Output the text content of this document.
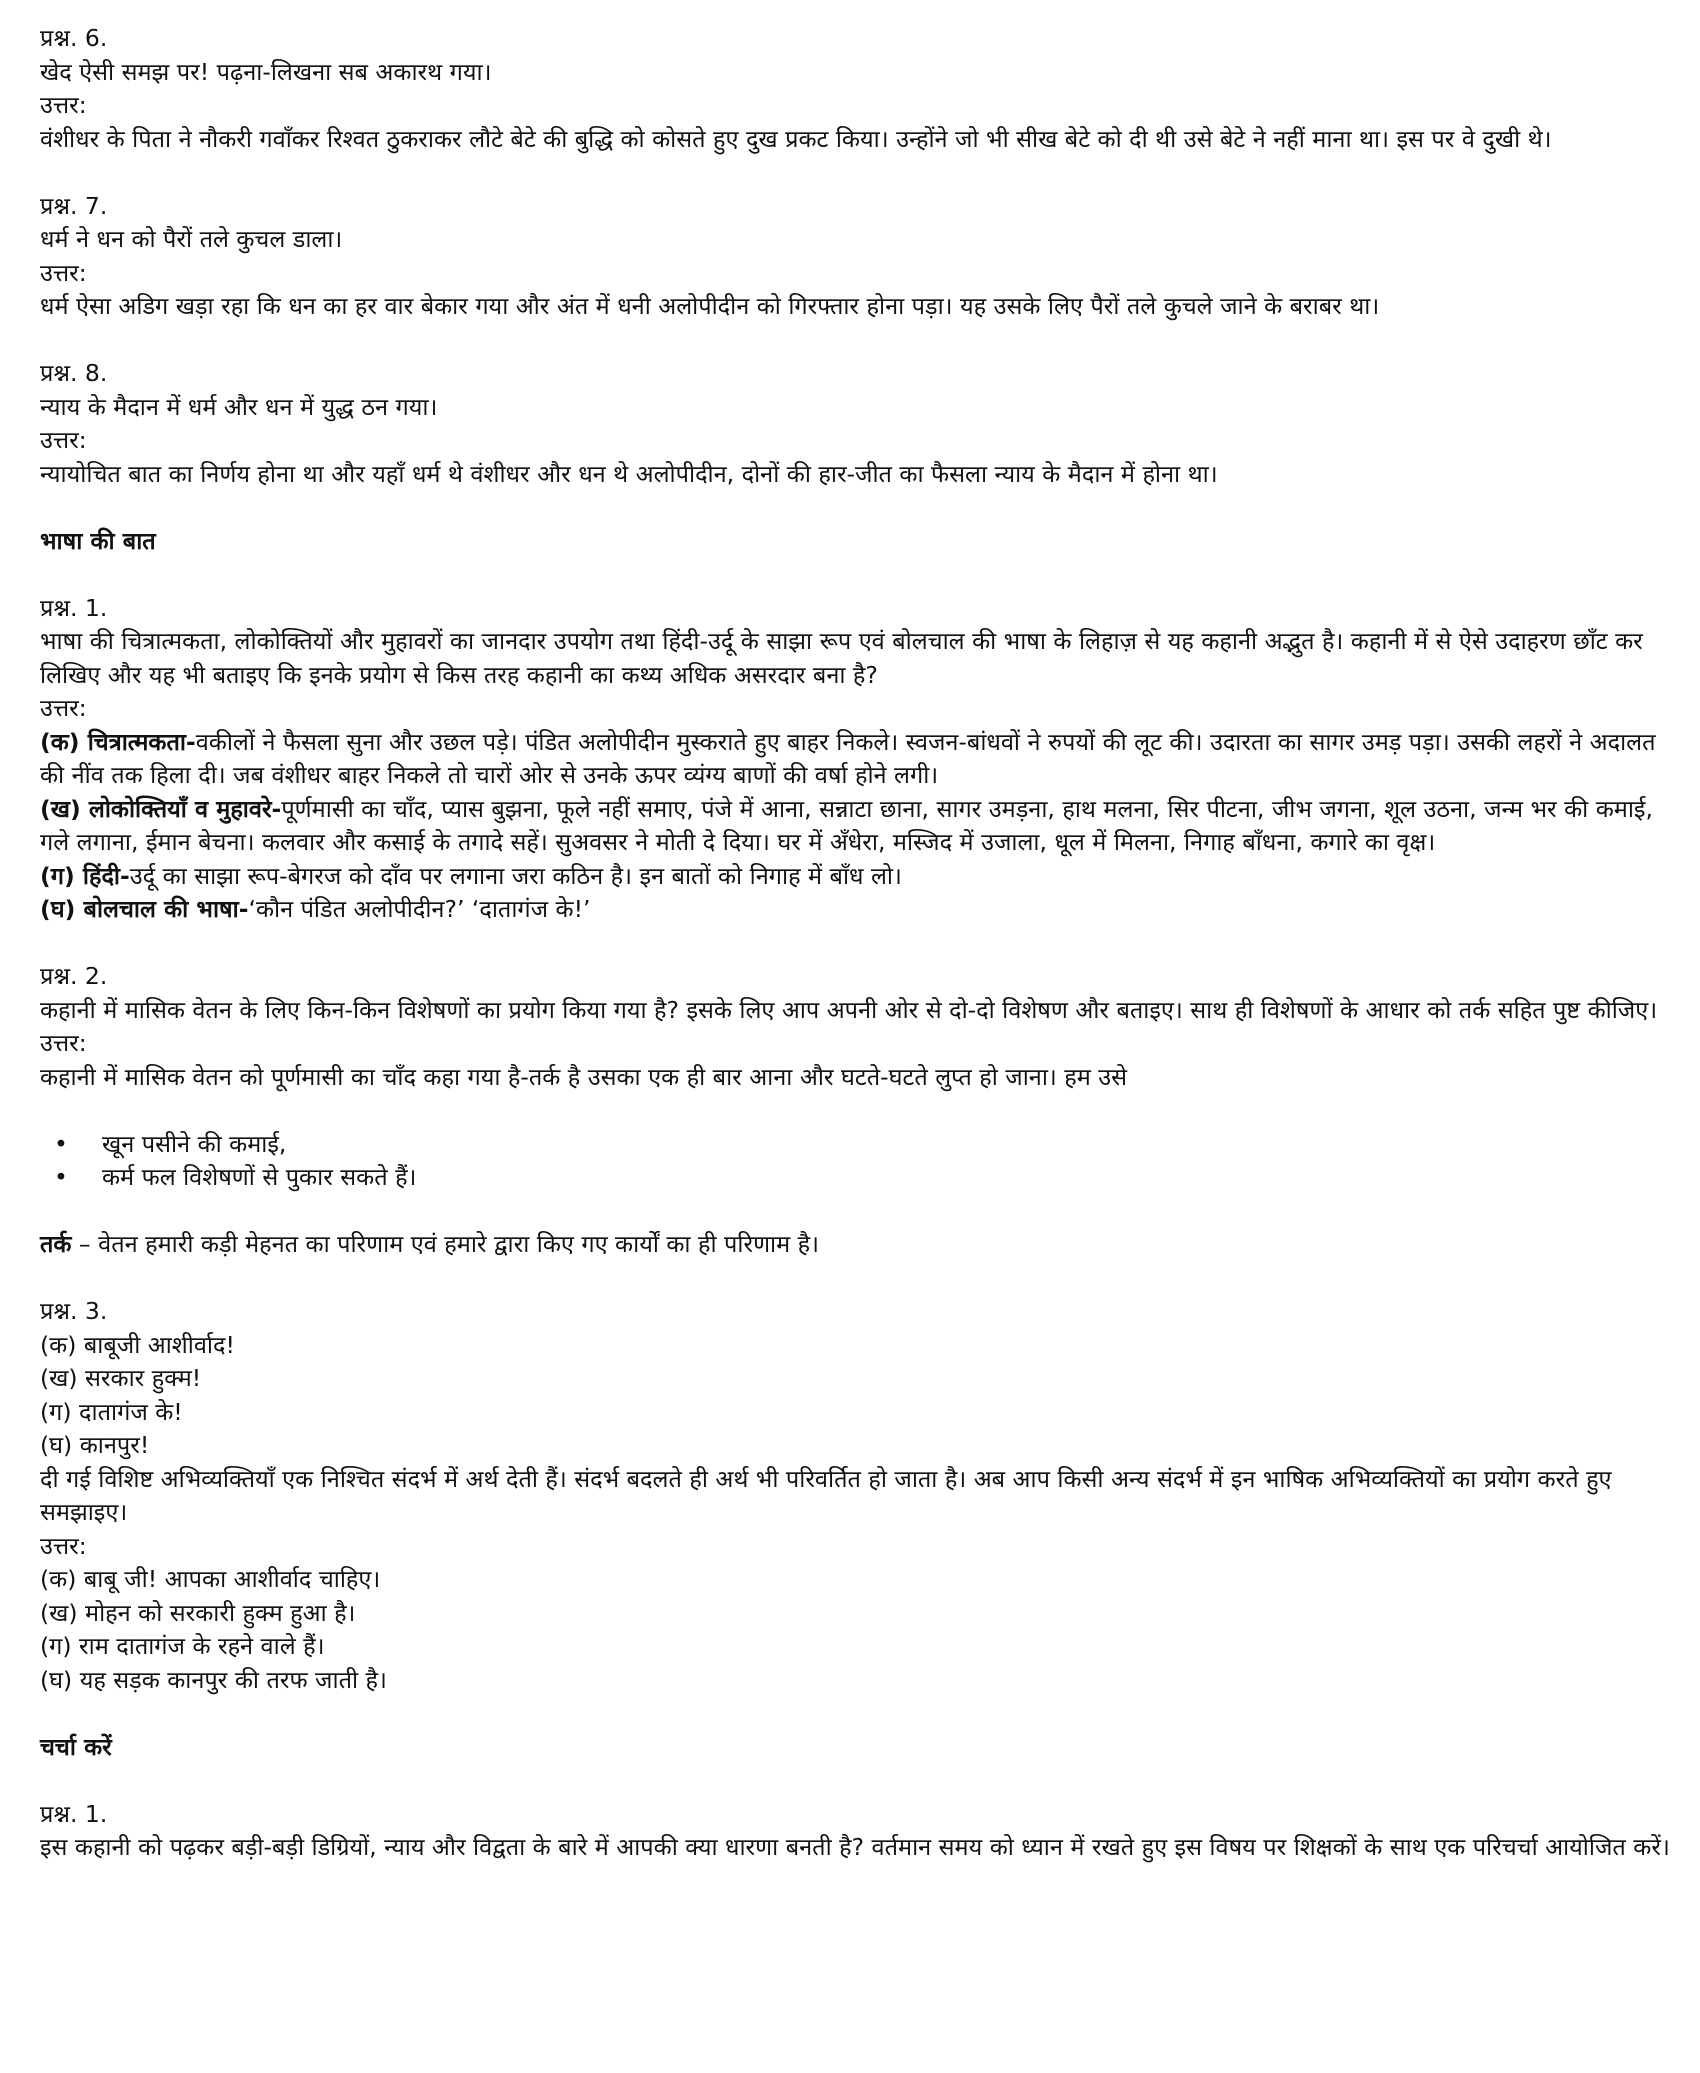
प्रश्न. 6.

खेद ऐसी समझ पर! पढ़ना-लिखना सब अकारथ गया।

उत्तर:

वंशीधर के पिता ने नौकरी गवाँकर रिश्वत ठुकराकर लौटे बेटे की बुद्धि को कोसते हुए दुख प्रकट किया। उन्होंने जो भी सीख बेटे को दी थी उसे बेटे ने नहीं माना था। इस पर वे दुखी थे।

प्रश्न. 7.

धर्म ने धन को पैरों तले कुचल डाला।

उत्तर:

धर्म ऐसा अडिग खड़ा रहा कि धन का हर वार बेकार गया और अंत में धनी अलोपीदीन को गिरफ्तार होना पड़ा। यह उसके लिए पैरों तले कुचले जाने के बराबर था।

प्रश्न. 8.

न्याय के मैदान में धर्म और धन में युद्ध ठन गया।

उत्तर:

न्यायोचित बात का निर्णय होना था और यहाँ धर्म थे वंशीधर और धन थे अलोपीदीन, दोनों की हार-जीत का फैसला न्याय के मैदान में होना था।

भाषा की बात

प्रश्न. 1.

भाषा की चित्रात्मकता, लोकोक्तियों और मुहावरों का जानदार उपयोग तथा हिंदी-उर्दू के साझा रूप एवं बोलचाल की भाषा के लिहाज़ से यह कहानी अद्भुत है। कहानी में से ऐसे उदाहरण छाँट कर लिखिए और यह भी बताइए कि इनके प्रयोग से किस तरह कहानी का कथ्य अधिक असरदार बना है?

उत्तर:

(क) चित्रात्मकता-वकीलों ने फैसला सुना और उछल पड़े। पंडित अलोपीदीन मुस्कराते हुए बाहर निकले। स्वजन-बांधवों ने रुपयों की लूट की। उदारता का सागर उमड़ पड़ा। उसकी लहरों ने अदालत की नींव तक हिला दी। जब वंशीधर बाहर निकले तो चारों ओर से उनके ऊपर व्यंग्य बाणों की वर्षा होने लगी।

(ख) लोकोक्तियाँ व मुहावरे-पूर्णमासी का चाँद, प्यास बुझना, फूले नहीं समाए, पंजे में आना, सन्नाटा छाना, सागर उमड़ना, हाथ मलना, सिर पीटना, जीभ जगना, शूल उठना, जन्म भर की कमाई, गले लगाना, ईमान बेचना। कलवार और कसाई के तगादे सहें। सुअवसर ने मोती दे दिया। घर में अँधेरा, मस्जिद में उजाला, धूल में मिलना, निगाह बाँधना, कगारे का वृक्ष।

(ग) हिंदी-उर्दू का साझा रूप-बेगरज को दाँव पर लगाना जरा कठिन है। इन बातों को निगाह में बाँध लो।

(घ) बोलचाल की भाषा-‘कौन पंडित अलोपीदीन?’ ‘दातागंज के!’

प्रश्न. 2.

कहानी में मासिक वेतन के लिए किन-किन विशेषणों का प्रयोग किया गया है? इसके लिए आप अपनी ओर से दो-दो विशेषण और बताइए। साथ ही विशेषणों के आधार को तर्क सहित पुष्ट कीजिए।

उत्तर:

कहानी में मासिक वेतन को पूर्णमासी का चाँद कहा गया है-तर्क है उसका एक ही बार आना और घटते-घटते लुप्त हो जाना। हम उसे

• खून पसीने की कमाई,
• कर्म फल विशेषणों से पुकार सकते हैं।

तर्क – वेतन हमारी कड़ी मेहनत का परिणाम एवं हमारे द्वारा किए गए कार्यों का ही परिणाम है।

प्रश्न. 3.

(क) बाबूजी आशीर्वाद!

(ख) सरकार हुक्म!

(ग) दातागंज के!

(घ) कानपुर!

दी गई विशिष्ट अभिव्यक्तियाँ एक निश्चित संदर्भ में अर्थ देती हैं। संदर्भ बदलते ही अर्थ भी परिवर्तित हो जाता है। अब आप किसी अन्य संदर्भ में इन भाषिक अभिव्यक्तियों का प्रयोग करते हुए समझाइए।

उत्तर:

(क) बाबू जी! आपका आशीर्वाद चाहिए।

(ख) मोहन को सरकारी हुक्म हुआ है।

(ग) राम दातागंज के रहने वाले हैं।

(घ) यह सड़क कानपुर की तरफ जाती है।

चर्चा करें

प्रश्न. 1.

इस कहानी को पढ़कर बड़ी-बड़ी डिग्रियों, न्याय और विद्वता के बारे में आपकी क्या धारणा बनती है? वर्तमान समय को ध्यान में रखते हुए इस विषय पर शिक्षकों के साथ एक परिचर्चा आयोजित करें।
